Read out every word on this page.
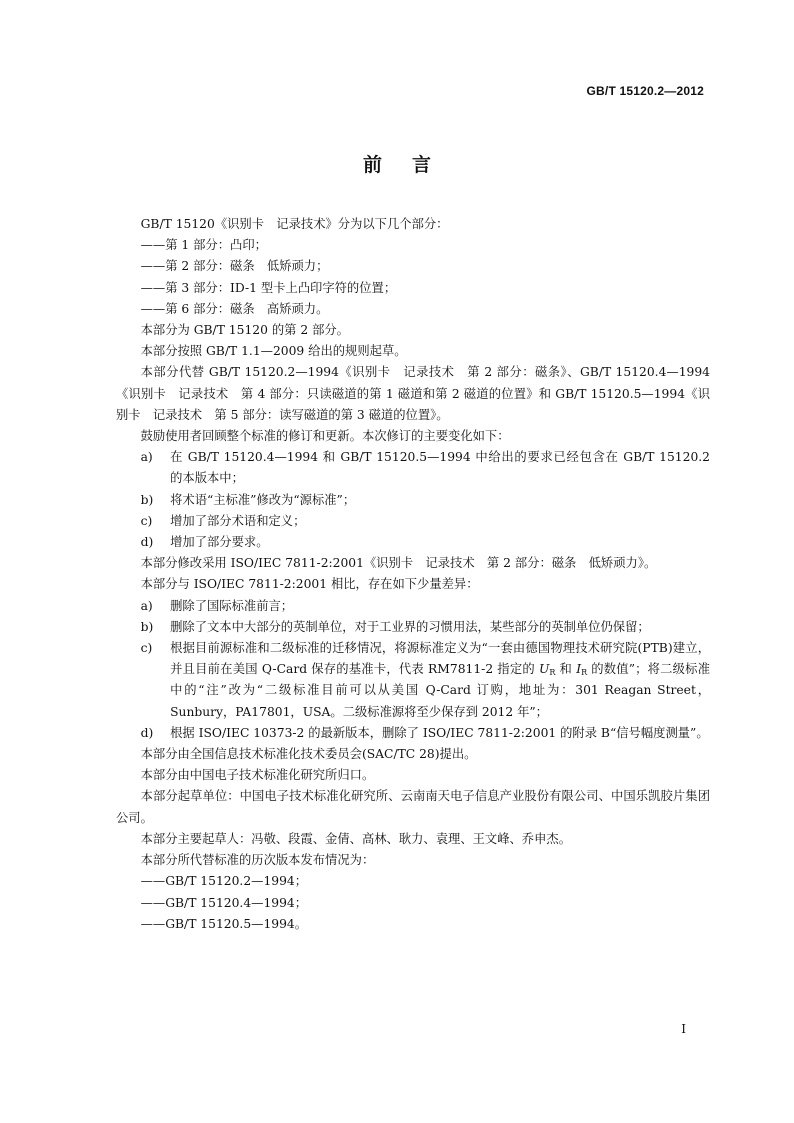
GB/T 15120.2—2012
前言

GB/T 15120《识别卡　记录技术》分为以下几个部分：

——第 1 部分：凸印；

——第 2 部分：磁条　低矫顽力；

——第 3 部分：ID-1 型卡上凸印字符的位置；

——第 6 部分：磁条　高矫顽力。

本部分为 GB/T 15120 的第 2 部分。

本部分按照 GB/T 1.1—2009 给出的规则起草。

本部分代替 GB/T 15120.2—1994《识别卡　记录技术　第 2 部分：磁条》、GB/T 15120.4—1994《识别卡　记录技术　第 4 部分：只读磁道的第 1 磁道和第 2 磁道的位置》和 GB/T 15120.5—1994《识别卡　记录技术　第 5 部分：读写磁道的第 3 磁道的位置》。

鼓励使用者回顾整个标准的修订和更新。本次修订的主要变化如下：

a)	在 GB/T 15120.4—1994 和 GB/T 15120.5—1994 中给出的要求已经包含在 GB/T 15120.2 的本版本中；
b)	将术语“主标准”修改为“源标准”；
c)	增加了部分术语和定义；
d)	增加了部分要求。

本部分修改采用 ISO/IEC 7811-2:2001《识别卡　记录技术　第 2 部分：磁条　低矫顽力》。

本部分与 ISO/IEC 7811-2:2001 相比，存在如下少量差异：

a)	删除了国际标准前言；
b)	删除了文本中大部分的英制单位，对于工业界的习惯用法，某些部分的英制单位仍保留；
c)	根据目前源标准和二级标准的迁移情况，将源标准定义为“一套由德国物理技术研究院(PTB)建立，并且目前在美国 Q-Card 保存的基准卡，代表 RM7811-2 指定的 $U_R$ 和 $I_R$ 的数值”；将二级标准中的“注”改为“二级标准目前可以从美国 Q-Card 订购，地址为：301 Reagan Street，Sunbury，PA17801，USA。二级标准源将至少保存到 2012 年”；
d)	根据 ISO/IEC 10373-2 的最新版本，删除了 ISO/IEC 7811-2:2001 的附录 B“信号幅度测量”。

本部分由全国信息技术标准化技术委员会(SAC/TC 28)提出。

本部分由中国电子技术标准化研究所归口。

本部分起草单位：中国电子技术标准化研究所、云南南天电子信息产业股份有限公司、中国乐凯胶片集团公司。

本部分主要起草人：冯敬、段霞、金倩、高林、耿力、袁理、王文峰、乔申杰。

本部分所代替标准的历次版本发布情况为：

——GB/T 15120.2—1994；

——GB/T 15120.4—1994；

——GB/T 15120.5—1994。

I
